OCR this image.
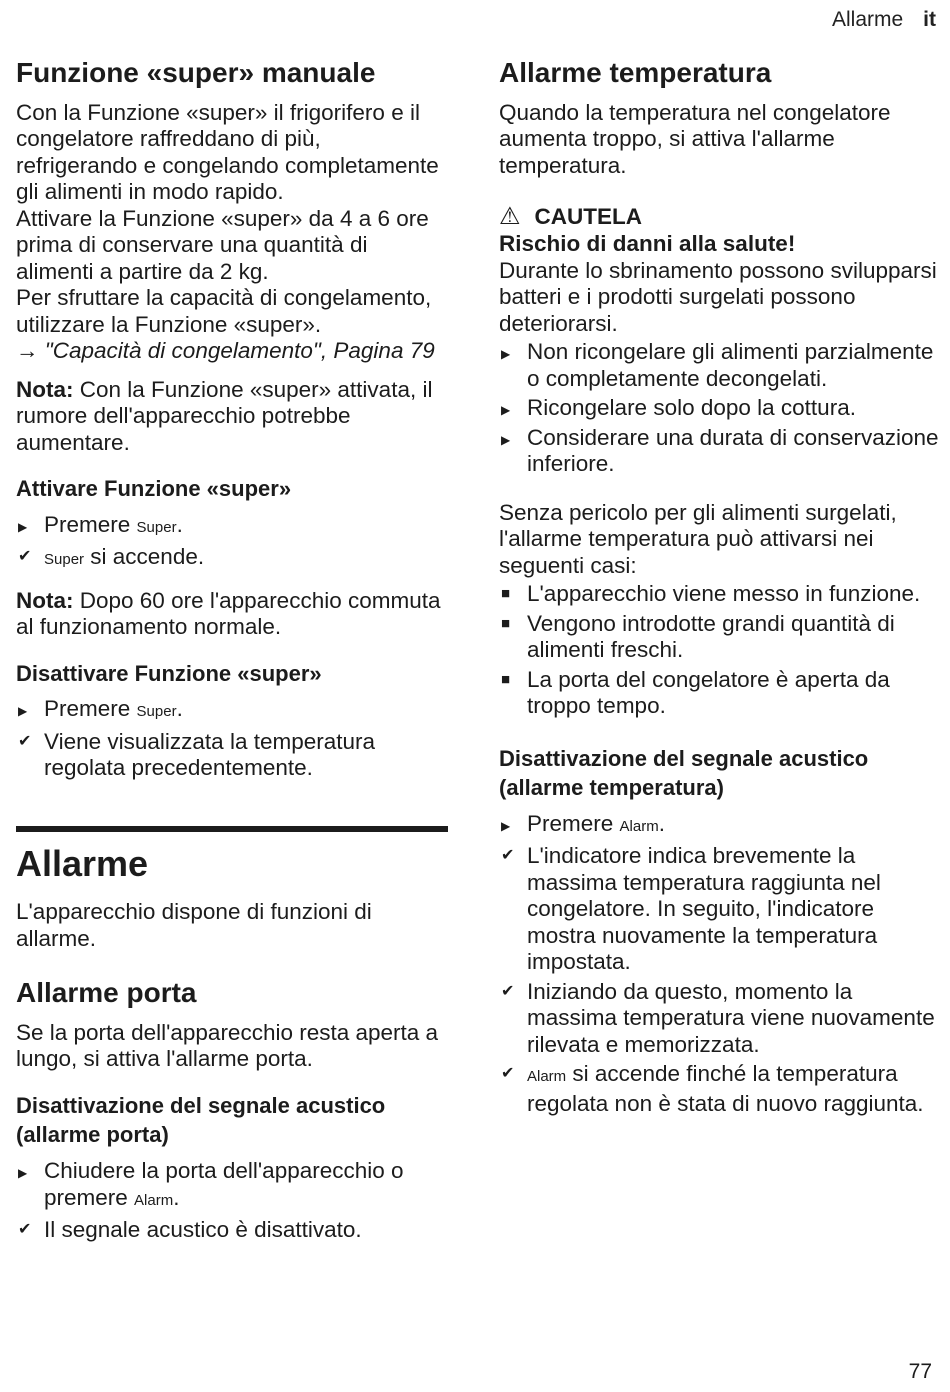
Allarme it
Funzione «super» manuale

Con la Funzione «super» il frigorifero e il congelatore raffreddano di più, refrigerando e congelando completamente gli alimenti in modo rapido.

Attivare la Funzione «super» da 4 a 6 ore prima di conservare una quantità di alimenti a partire da 2 kg.

Per sfruttare la capacità di congelamento, utilizzare la Funzione «super».

→ "Capacità di congelamento", Pagina 79

Nota: Con la Funzione «super» attivata, il rumore dell'apparecchio potrebbe aumentare.

Attivare Funzione «super»
▶ Premere Super.
✔ Super si accende.

Nota: Dopo 60 ore l'apparecchio commuta al funzionamento normale.

Disattivare Funzione «super»
▶ Premere Super.
✔ Viene visualizzata la temperatura regolata precedentemente.
Allarme

L'apparecchio dispone di funzioni di allarme.

Allarme porta

Se la porta dell'apparecchio resta aperta a lungo, si attiva l'allarme porta.

Disattivazione del segnale acustico (allarme porta)
▶ Chiudere la porta dell'apparecchio o premere Alarm.
✔ Il segnale acustico è disattivato.
Allarme temperatura

Quando la temperatura nel congelatore aumenta troppo, si attiva l'allarme temperatura.

⚠ CAUTELA

Rischio di danni alla salute!

Durante lo sbrinamento possono svilupparsi batteri e i prodotti surgelati possono deteriorarsi.

▶ Non ricongelare gli alimenti parzialmente o completamente decongelati.
▶ Ricongelare solo dopo la cottura.
▶ Considerare una durata di conservazione inferiore.

Senza pericolo per gli alimenti surgelati, l'allarme temperatura può attivarsi nei seguenti casi:

■ L'apparecchio viene messo in funzione.
■ Vengono introdotte grandi quantità di alimenti freschi.
■ La porta del congelatore è aperta da troppo tempo.
Disattivazione del segnale acustico (allarme temperatura)
▶ Premere Alarm.
✔ L'indicatore indica brevemente la massima temperatura raggiunta nel congelatore. In seguito, l'indicatore mostra nuovamente la temperatura impostata.
✔ Iniziando da questo, momento la massima temperatura viene nuovamente rilevata e memorizzata.
✔ Alarm si accende finché la temperatura regolata non è stata di nuovo raggiunta.
77
